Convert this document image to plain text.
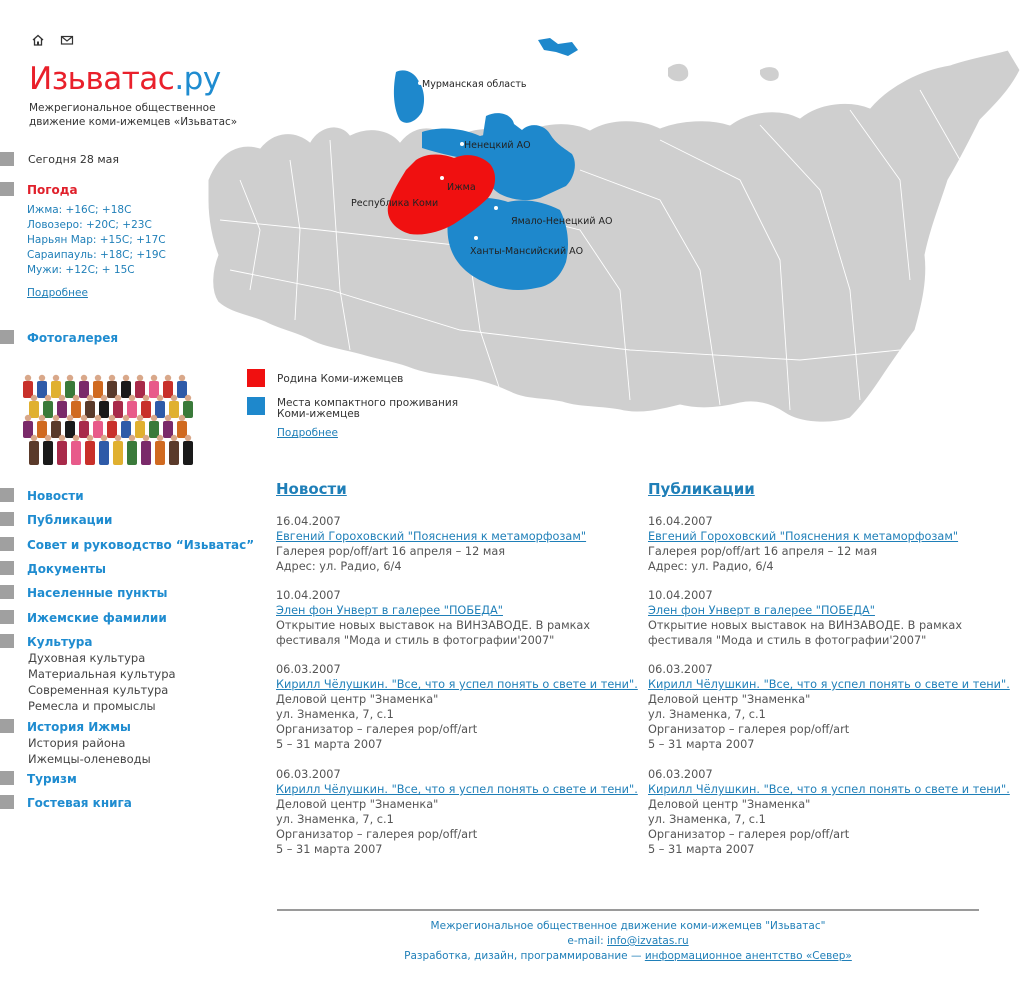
Изьватас.ру
Межрегиональное общественное движение коми-ижемцев «Изьватас»
Сегодня 28 мая
Погода
Ижма: +16С; +18С
Ловозеро: +20С; +23С
Нарьян Мар: +15С; +17С
Сараипауль: +18С; +19С
Мужи: +12С; + 15С
Подробнее
Фотогалерея
Новости
Публикации
Совет и руководство “Изьватас”
Документы
Населенные пункты
Ижемские фамилии
Культура
Духовная культура
Материальная культура
Современная культура
Ремесла и промыслы
История Ижмы
История района
Ижемцы-оленеводы
Туризм
Гостевая книга
Мурманская область
Ненецкий АО
Ижма
Республика Коми
Ямало-Ненецкий АО
Ханты-Мансийский АО
Родина Коми-ижемцев
Места компактного проживания
Коми-ижемцев
Подробнее
Новости
16.04.2007
Евгений Гороховский "Пояснения к метаморфозам"
Галерея pop/off/art 16 апреля – 12 мая
Адрес: ул. Радио, 6/4
10.04.2007
Элен фон Унверт в галерее "ПОБЕДА"
Открытие новых выставок на ВИНЗАВОДЕ. В рамках
фестиваля "Мода и стиль в фотографии'2007"
06.03.2007
Кирилл Чёлушкин. "Все, что я успел понять о свете и тени".
Деловой центр "Знаменка"
ул. Знаменка, 7, с.1
Организатор – галерея pop/off/art
5 – 31 марта 2007
06.03.2007
Кирилл Чёлушкин. "Все, что я успел понять о свете и тени".
Деловой центр "Знаменка"
ул. Знаменка, 7, с.1
Организатор – галерея pop/off/art
5 – 31 марта 2007
Публикации
16.04.2007
Евгений Гороховский "Пояснения к метаморфозам"
Галерея pop/off/art 16 апреля – 12 мая
Адрес: ул. Радио, 6/4
10.04.2007
Элен фон Унверт в галерее "ПОБЕДА"
Открытие новых выставок на ВИНЗАВОДЕ. В рамках
фестиваля "Мода и стиль в фотографии'2007"
06.03.2007
Кирилл Чёлушкин. "Все, что я успел понять о свете и тени".
Деловой центр "Знаменка"
ул. Знаменка, 7, с.1
Организатор – галерея pop/off/art
5 – 31 марта 2007
06.03.2007
Кирилл Чёлушкин. "Все, что я успел понять о свете и тени".
Деловой центр "Знаменка"
ул. Знаменка, 7, с.1
Организатор – галерея pop/off/art
5 – 31 марта 2007
Межрегиональное общественное движение коми-ижемцев "Изьватас"
e-mail: info@izvatas.ru
Разработка, дизайн, программирование — информационное анентство «Север»
